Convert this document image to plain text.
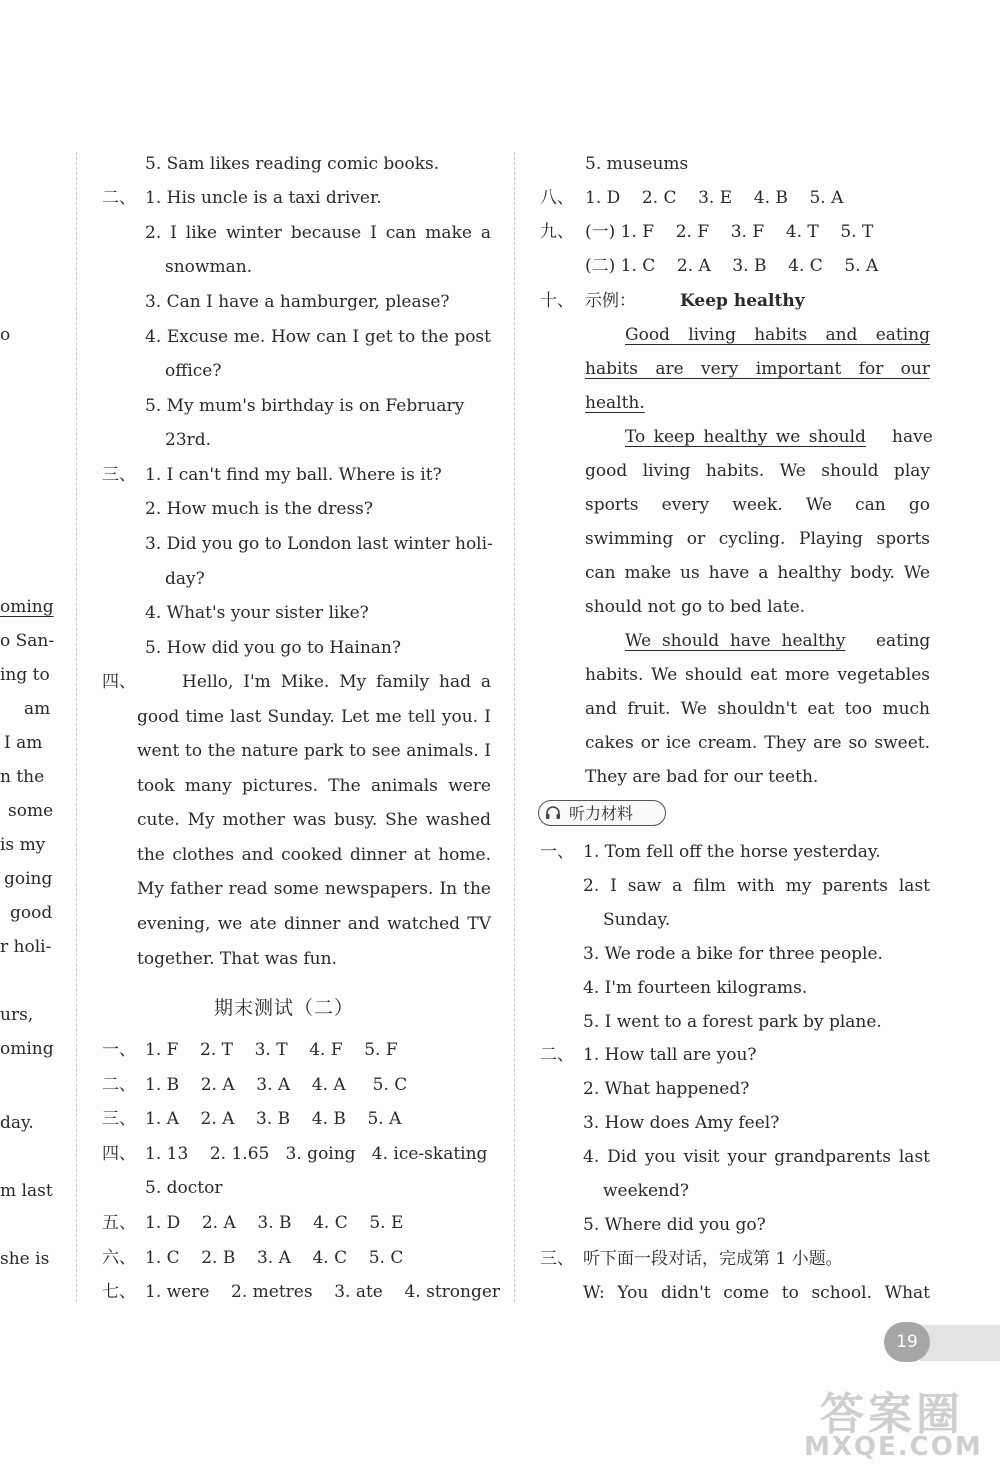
o
oming
o San-
ing to
am
I am
n the
some
is my
going
good
r holi-
urs,
oming
day.
m last
she is
5. Sam likes reading comic books.
二、 1. His uncle is a taxi driver.
2. I like winter because I can make a
snowman.
3. Can I have a hamburger, please?
4. Excuse me. How can I get to the post
office?
5. My mum's birthday is on February
23rd.
三、 1. I can't find my ball. Where is it?
2. How much is the dress?
3. Did you go to London last winter holi-
day?
4. What's your sister like?
5. How did you go to Hainan?
四、	Hello, I'm Mike. My family had a
good time last Sunday. Let me tell you. I
went to the nature park to see animals. I
took many pictures. The animals were
cute. My mother was busy. She washed
the clothes and cooked dinner at home.
My father read some newspapers. In the
evening, we ate dinner and watched TV
together. That was fun.
期末测试（二）
一、 1. F    2. T    3. T    4. F    5. F
二、 1. B    2. A    3. A    4. A     5. C
三、 1. A    2. A    3. B    4. B    5. A
四、 1. 13    2. 1.65   3. going   4. ice-skating
5. doctor
五、 1. D    2. A    3. B    4. C    5. E
六、 1. C    2. B    3. A    4. C    5. C
七、 1. were    2. metres    3. ate    4. stronger
5. museums
八、 1. D    2. C    3. E    4. B    5. A
九、 (一) 1. F    2. F    3. F    4. T    5. T
(二) 1. C    2. A    3. B    4. C    5. A
十、 示例：	Keep healthy
Good living habits and eating
habits are very important for our
health.
To keep healthy we should have
good living habits. We should play
sports every week. We can go
swimming or cycling. Playing sports
can make us have a healthy body. We
should not go to bed late.
We  should  have  healthy eating
habits. We should eat more vegetables
and fruit. We shouldn't eat too much
cakes or ice cream. They are so sweet.
They are bad for our teeth.
听力材料
一、 1. Tom fell off the horse yesterday.
2. I saw a film with my parents last
Sunday.
3. We rode a bike for three people.
4. I'm fourteen kilograms.
5. I went to a forest park by plane.
二、 1. How tall are you?
2. What happened?
3. How does Amy feel?
4. Did you visit your grandparents last
weekend?
5. Where did you go?
三、 听下面一段对话，完成第 1 小题。
W: You didn't come to school. What
19
答案圈
MXQE.COM
